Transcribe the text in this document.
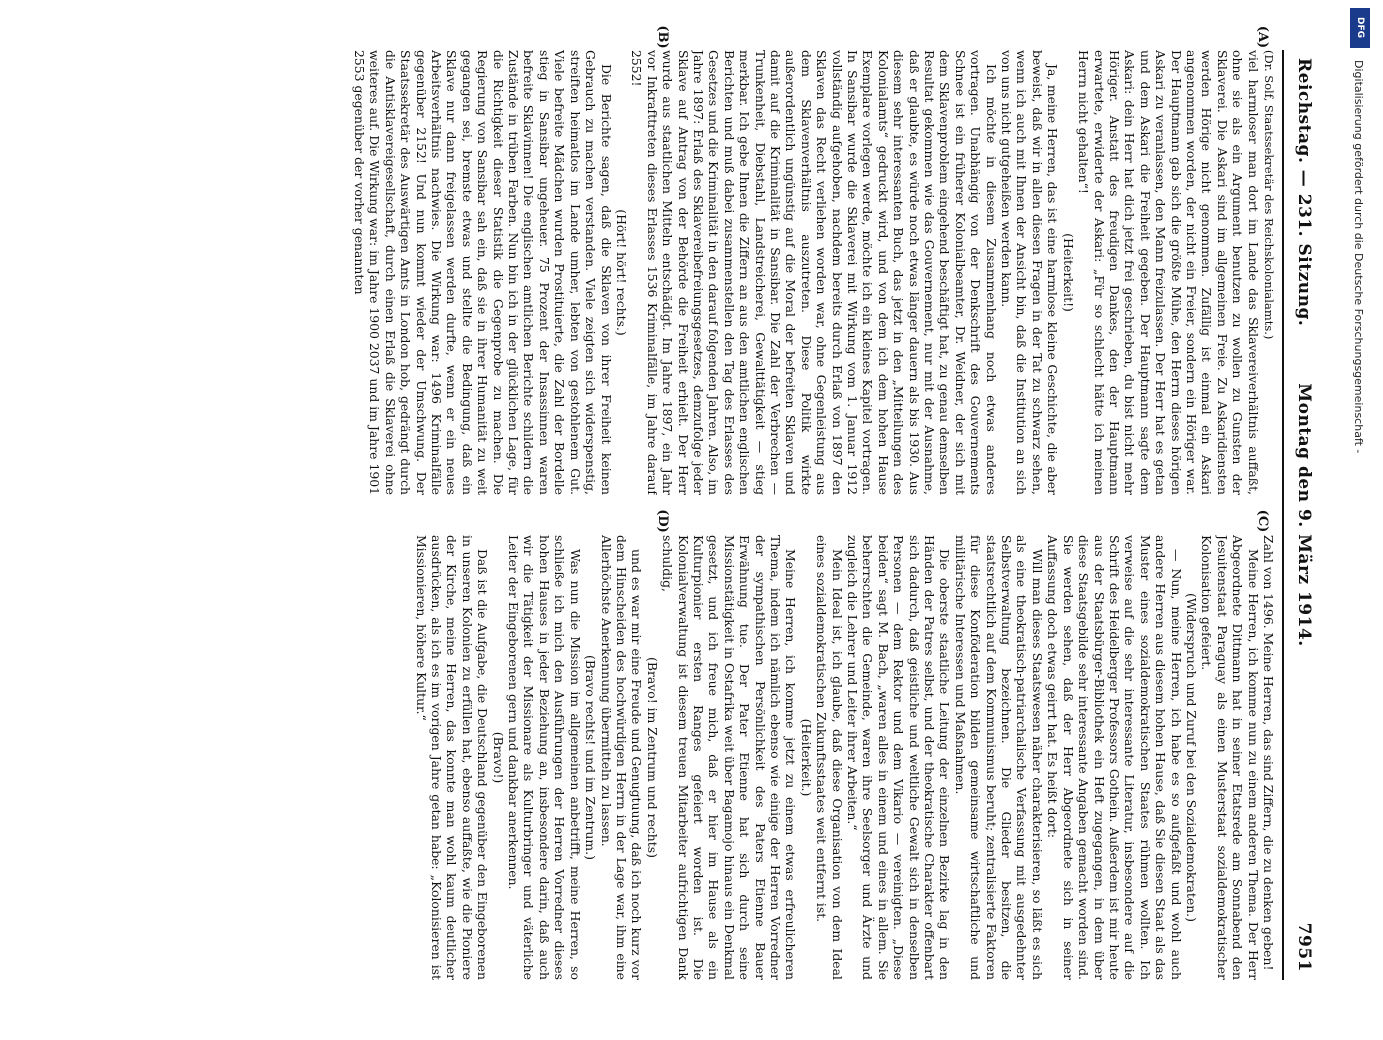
Reichstag. — 231. Sitzung.
Montag den 9. März 1914.
7951

(Dr. Solf, Staatssekretär des Reichskolonialamts.)

viel harmloser man dort im Lande das Sklavereiverhältnis auffaßt, ohne sie als ein Argument benutzen zu wollen zu Gunsten der Sklaverei. Die Askari sind im allgemeinen Freie. Zu Askaridiensten werden Hörige nicht genommen. Zufällig ist einmal ein Askari angenommen worden, der nicht ein Freier, sondern ein Höriger war. Der Hauptmann gab sich die größte Mühe, den Herrn dieses hörigen Askari zu veranlassen, den Mann freizulassen. Der Herr hat es getan und dem Askari die Freiheit gegeben. Der Hauptmann sagte dem Askari: dein Herr hat dich jetzt frei geschrieben, du bist nicht mehr Höriger. Anstatt des freudigen Dankes, den der Hauptmann erwartete, erwiderte der Askari: „Für so schlecht hätte ich meinen Herrn nicht gehalten“!

(Heiterkeit!)

Ja, meine Herren, das ist eine harmlose kleine Geschichte, die aber beweist, daß wir in allen diesen Fragen in der Tat zu schwarz sehen, wenn ich auch mit Ihnen der Ansicht bin, daß die Institution an sich von uns nicht gutgeheißen werden kann.

Ich möchte in diesem Zusammenhang noch etwas anderes vortragen. Unabhängig von der Denkschrift des Gouvernements Schnee ist ein früherer Kolonialbeamter, Dr. Weidner, der sich mit dem Sklavenproblem eingehend beschäftigt hat, zu genau demselben Resultat gekommen wie das Gouvernement, nur mit der Ausnahme, daß er glaubte, es würde noch etwas länger dauern als bis 1930. Aus diesem sehr interessanten Buch, das jetzt in den „Mitteilungen des Kolonialamts“ gedruckt wird, und von dem ich dem hohen Hause Exemplare vorlegen werde, möchte ich ein kleines Kapitel vortragen. In Sansibar wurde die Sklaverei mit Wirkung vom 1. Januar 1912 vollständig aufgehoben, nachdem bereits durch Erlaß von 1897 den Sklaven das Recht verliehen worden war, ohne Gegenleistung aus dem Sklavenverhältnis auszutreten. Diese Politik wirkte außerordentlich ungünstig auf die Moral der befreiten Sklaven und damit auf die Kriminalität in Sansibar. Die Zahl der Verbrechen — Trunkenheit, Diebstahl, Landstreicherei, Gewalttätigkeit — stieg merkbar. Ich gebe Ihnen die Ziffern an aus den amtlichen englischen Berichten und muß dabei zusammenstellen den Tag des Erlasses des Gesetzes und die Kriminalität in den darauf folgenden Jahren. Also, im Jahre 1897: Erlaß des Sklavereibefreiungsgesetzes, demzufolge jeder Sklave auf Antrag von der Behörde die Freiheit erhielt. Der Herr wurde aus staatlichen Mitteln entschädigt. Im Jahre 1897, ein Jahr vor Inkrafttreten dieses Erlasses 1536 Kriminalfälle, im Jahre darauf 2552!

(Hört! hört! rechts.)

Die Berichte sagen, daß die Sklaven von ihrer Freiheit keinen Gebrauch zu machen verstanden. Viele zeigten sich widerspenstig, streiften heimatlos im Lande umher, lebten von gestohlenem Gut. Viele befreite Mädchen wurden Prostituierte, die Zahl der Bordelle stieg in Sansibar ungeheuer. 75 Prozent der Insassinnen waren befreite Sklavinnen! Die englischen amtlichen Berichte schildern die Zustände in trüben Farben. Nun bin ich in der glücklichen Lage, für die Richtigkeit dieser Statistik die Gegenprobe zu machen. Die Regierung von Sansibar sah ein, daß sie in ihrer Humanität zu weit gegangen sei, bremste etwas und stellte die Bedingung, daß ein Sklave nur dann freigelassen werden durfte, wenn er ein neues Arbeitsverhältnis nachwies. Die Wirkung war: 1496 Kriminalfälle gegenüber 2152! Und nun kommt wieder der Umschwung. Der Staatssekretär des Auswärtigen Amts in London hob, gedrängt durch die Antisklavereigesellschaft, durch einen Erlaß die Sklaverei ohne weiteres auf. Die Wirkung war: im Jahre 1900 2037 und im Jahre 1901 2553 gegenüber der vorher genannten

(A)
(B)

Zahl von 1496. Meine Herren, das sind Ziffern, die zu denken geben!

Meine Herren, ich komme nun zu einem anderen Thema. Der Herr Abgeordnete Dittmann hat in seiner Etatsrede am Sonnabend den Jesuitenstaat Paraguay als einen Musterstaat sozialdemokratischer Kolonisation gefeiert.

(Widerspruch und Zuruf bei den Sozialdemokraten.)

— Nun, meine Herren, ich habe es so aufgefaßt und wohl auch andere Herren aus diesem hohen Hause, daß Sie diesen Staat als das Muster eines sozialdemokratischen Staates rühmen wollten. Ich verweise auf die sehr interessante Literatur, insbesondere auf die Schrift des Heidelberger Professors Gothein. Außerdem ist mir heute aus der Staatsbürger-Bibliothek ein Heft zugegangen, in dem über diese Staatsgebilde sehr interessante Angaben gemacht worden sind. Sie werden sehen, daß der Herr Abgeordnete sich in seiner Auffassung doch etwas geirrt hat. Es heißt dort:

Will man dieses Staatswesen näher charakterisieren, so läßt es sich als eine theokratisch-patriarchalische Verfassung mit ausgedehnter Selbstverwaltung bezeichnen. Die Glieder besitzen, die staatsrechtlich auf dem Kommunismus beruht; zentralisierte Faktoren für diese Konföderation bilden gemeinsame wirtschaftliche und militärische Interessen und Maßnahmen.

Die oberste staatliche Leitung der einzelnen Bezirke lag in den Händen der Patres selbst, und der theokratische Charakter offenbart sich dadurch, daß geistliche und weltliche Gewalt sich in denselben Personen — dem Rektor und dem Vikario — vereinigten. „Diese beiden“ sagt M. Bach, „waren alles in einem und eines in allem. Sie beherrschten die Gemeinde, waren ihre Seelsorger und Ärzte und zugleich die Lehrer und Leiter ihrer Arbeiten.“

Mein Ideal ist, ich glaube, daß diese Organisation von dem Ideal eines sozialdemokratischen Zukunftsstaates weit entfernt ist.

(Heiterkeit.)

Meine Herren, ich komme jetzt zu einem etwas erfreulicheren Thema, indem ich nämlich ebenso wie einige der Herren Vorredner der sympathischen Persönlichkeit des Paters Etienne Bauer Erwähnung tue. Der Pater Etienne hat sich durch seine Missionstätigkeit in Ostafrika weit über Bagamojo hinaus ein Denkmal gesetzt, und ich freue mich, daß er hier im Hause als ein Kulturpionier ersten Ranges gefeiert worden ist. Die Kolonialverwaltung ist diesem treuen Mitarbeiter aufrichtigen Dank schuldig,

(Bravo! im Zentrum und rechts)

und es war mir eine Freude und Genugtuung, daß ich noch kurz vor dem Hinscheiden des hochwürdigen Herrn in der Lage war, ihm eine Allerhöchste Anerkennung übermitteln zu lassen.

(Bravo rechts! und im Zentrum.)

Was nun die Mission im allgemeinen anbetrifft, meine Herren, so schließe ich mich den Ausführungen der Herren Vorredner dieses hohen Hauses in jeder Beziehung an, insbesondere darin, daß auch wir die Tätigkeit der Missionare als Kulturbringer und väterliche Leiter der Eingeborenen gern und dankbar anerkennen.

(Bravo!)

Daß ist die Aufgabe, die Deutschland gegenüber den Eingeborenen in unseren Kolonien zu erfüllen hat, ebenso auffaßte, wie die Pioniere der Kirche, meine Herren, das konnte man wohl kaum deutlicher ausdrücken, als ich es im vorigen Jahre getan habe: „Kolonisieren ist Missionieren, höhere Kultur.“

(C)
(D)
DFG
Digitalisierung gefördert durch die Deutsche Forschungsgemeinschaft -
